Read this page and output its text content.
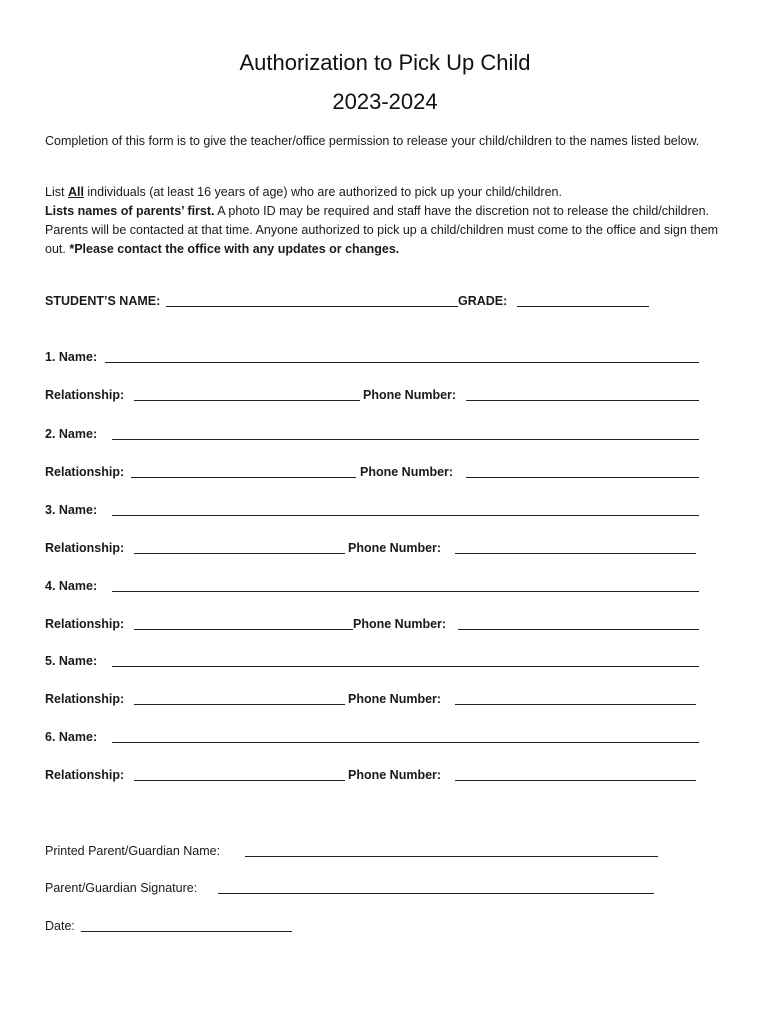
Authorization to Pick Up Child
2023-2024
Completion of this form is to give the teacher/office permission to release your child/children to the names listed below.
List All individuals (at least 16 years of age) who are authorized to pick up your child/children.
Lists names of parents’ first. A photo ID may be required and staff have the discretion not to release the child/children. Parents will be contacted at that time. Anyone authorized to pick up a child/children must come to the office and sign them out. *Please contact the office with any updates or changes.
STUDENT’S NAME:	GRADE:
1. Name:
Relationship:	Phone Number:
2. Name:
Relationship:	Phone Number:
3. Name:
Relationship:	Phone Number:
4. Name:
Relationship:	Phone Number:
5. Name:
Relationship:	Phone Number:
6. Name:
Relationship:	Phone Number:
Printed Parent/Guardian Name:
Parent/Guardian Signature:
Date:
